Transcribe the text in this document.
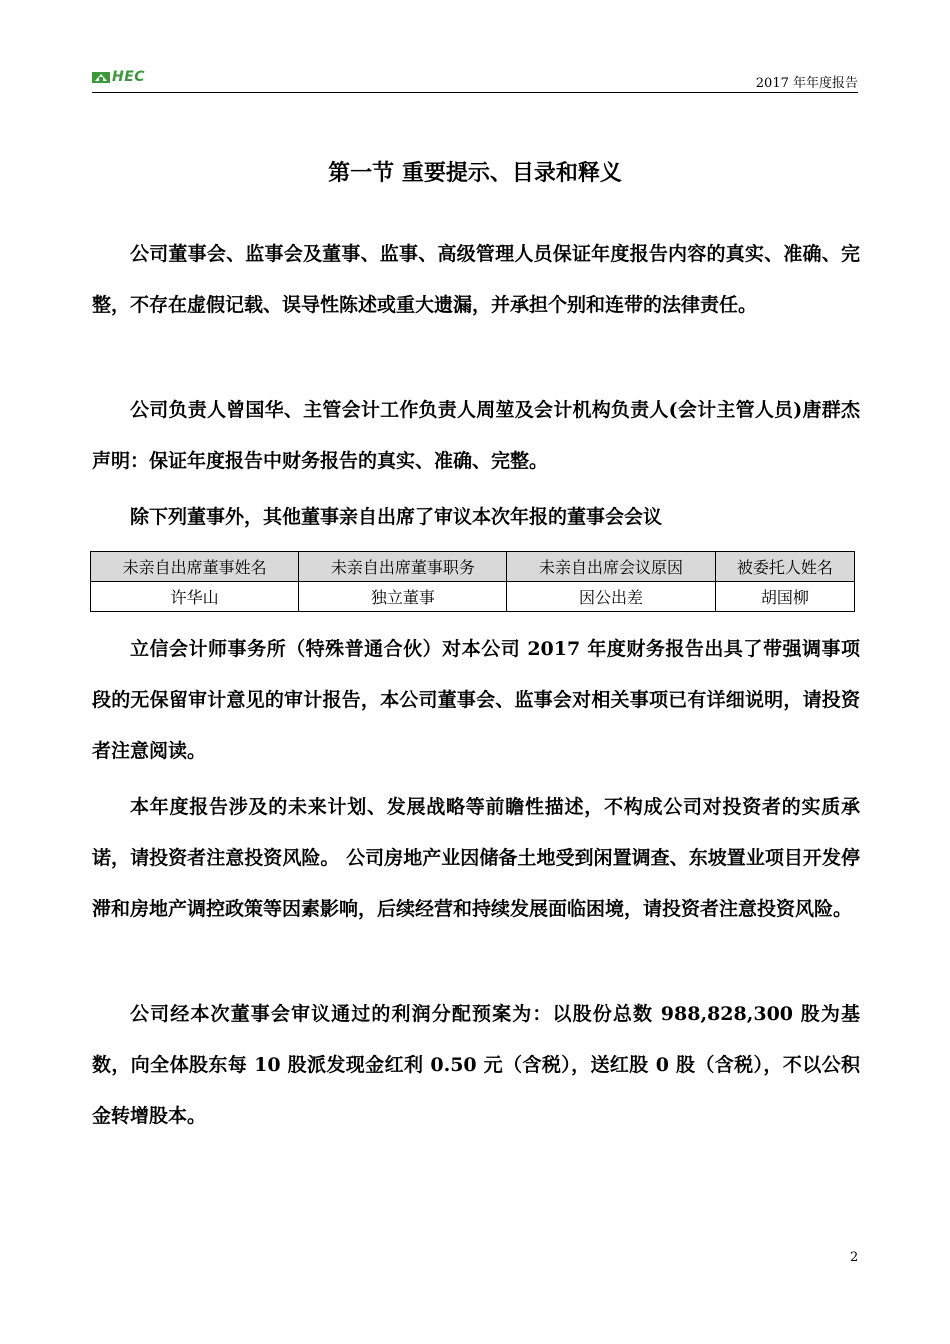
HEC	2017 年年度报告
第一节 重要提示、目录和释义

公司董事会、监事会及董事、监事、高级管理人员保证年度报告内容的真实、准确、完整，不存在虚假记载、误导性陈述或重大遗漏，并承担个别和连带的法律责任。

公司负责人曾国华、主管会计工作负责人周堃及会计机构负责人(会计主管人员)唐群杰声明：保证年度报告中财务报告的真实、准确、完整。

除下列董事外，其他董事亲自出席了审议本次年报的董事会会议

未亲自出席董事姓名	未亲自出席董事职务	未亲自出席会议原因	被委托人姓名
许华山	独立董事	因公出差	胡国柳

立信会计师事务所（特殊普通合伙）对本公司 2017 年度财务报告出具了带强调事项段的无保留审计意见的审计报告，本公司董事会、监事会对相关事项已有详细说明，请投资者注意阅读。

本年度报告涉及的未来计划、发展战略等前瞻性描述，不构成公司对投资者的实质承诺，请投资者注意投资风险。 公司房地产业因储备土地受到闲置调查、东坡置业项目开发停滞和房地产调控政策等因素影响，后续经营和持续发展面临困境，请投资者注意投资风险。

公司经本次董事会审议通过的利润分配预案为：以股份总数 988,828,300 股为基数，向全体股东每 10 股派发现金红利 0.50 元（含税），送红股 0 股（含税），不以公积金转增股本。

2
